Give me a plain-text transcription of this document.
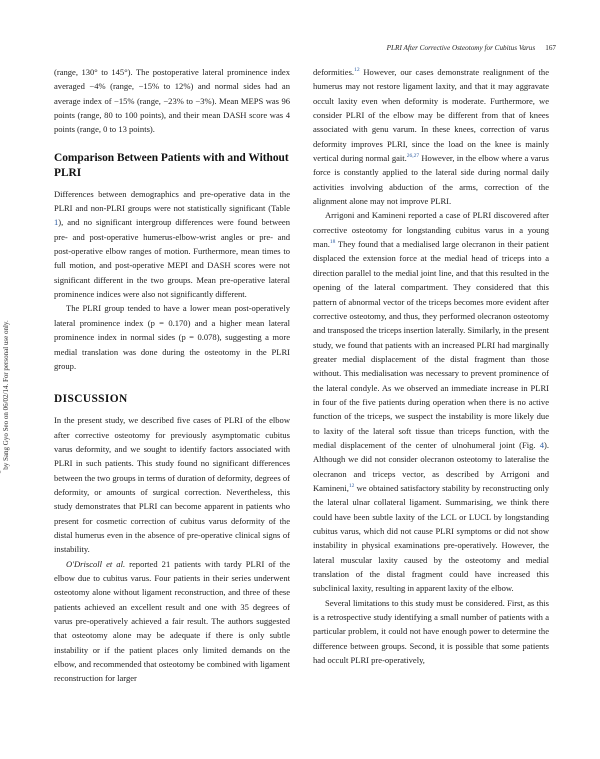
by Sang Gyo Seo on 06/02/14. For personal use only.
PLRI After Corrective Osteotomy for Cubitus Varus 167

(range, 130° to 145°). The postoperative lateral prominence index averaged −4% (range, −15% to 12%) and normal sides had an average index of −15% (range, −23% to −3%). Mean MEPS was 96 points (range, 80 to 100 points), and their mean DASH score was 4 points (range, 0 to 13 points).

Comparison Between Patients with and Without PLRI

Differences between demographics and pre-operative data in the PLRI and non-PLRI groups were not statistically significant (Table 1), and no significant intergroup differences were found between pre- and post-operative humerus-elbow-wrist angles or pre- and post-operative elbow ranges of motion. Furthermore, mean times to full motion, and post-operative MEPI and DASH scores were not significant different in the two groups. Mean pre-operative lateral prominence indices were also not significantly different.

The PLRI group tended to have a lower mean post-operatively lateral prominence index (p = 0.170) and a higher mean lateral prominence index in normal sides (p = 0.078), suggesting a more medial translation was done during the osteotomy in the PLRI group.

DISCUSSION

In the present study, we described five cases of PLRI of the elbow after corrective osteotomy for previously asymptomatic cubitus varus deformity, and we sought to identify factors associated with PLRI in such patients. This study found no significant differences between the two groups in terms of duration of deformity, degrees of deformity, or amounts of surgical correction. Nevertheless, this study demonstrates that PLRI can become apparent in patients who present for cosmetic correction of cubitus varus deformity of the distal humerus even in the absence of pre-operative clinical signs of instability.

O'Driscoll et al. reported 21 patients with tardy PLRI of the elbow due to cubitus varus. Four patients in their series underwent osteotomy alone without ligament reconstruction, and three of these patients achieved an excellent result and one with 35 degrees of varus pre-operatively achieved a fair result. The authors suggested that osteotomy alone may be adequate if there is only subtle instability or if the patient places only limited demands on the elbow, and recommended that osteotomy be combined with ligament reconstruction for larger

deformities.$^{12}$ However, our cases demonstrate realignment of the humerus may not restore ligament laxity, and that it may aggravate occult laxity even when deformity is moderate. Furthermore, we consider PLRI of the elbow may be different from that of knees associated with genu varum. In these knees, correction of varus deformity improves PLRI, since the load on the knee is mainly vertical during normal gait.$^{26,27}$ However, in the elbow where a varus force is constantly applied to the lateral side during normal daily activities involving abduction of the arms, correction of the alignment alone may not improve PLRI.

Arrigoni and Kamineni reported a case of PLRI discovered after corrective osteotomy for longstanding cubitus varus in a young man.$^{18}$ They found that a medialised large olecranon in their patient displaced the extension force at the medial head of triceps into a direction parallel to the medial joint line, and that this resulted in the opening of the lateral compartment. They considered that this pattern of abnormal vector of the triceps becomes more evident after corrective osteotomy, and thus, they performed olecranon osteotomy and transposed the triceps insertion laterally. Similarly, in the present study, we found that patients with an increased PLRI had marginally greater medial displacement of the distal fragment than those without. This medialisation was necessary to prevent prominence of the lateral condyle. As we observed an immediate increase in PLRI in four of the five patients during operation when there is no active function of the triceps, we suspect the instability is more likely due to laxity of the lateral soft tissue than triceps function, with the medial displacement of the center of ulnohumeral joint (Fig. 4). Although we did not consider olecranon osteotomy to lateralise the olecranon and triceps vector, as described by Arrigoni and Kamineni,$^{12}$ we obtained satisfactory stability by reconstructing only the lateral ulnar collateral ligament. Summarising, we think there could have been subtle laxity of the LCL or LUCL by longstanding cubitus varus, which did not cause PLRI symptoms or did not show instability in physical examinations pre-operatively. However, the lateral muscular laxity caused by the osteotomy and medial translation of the distal fragment could have increased this subclinical laxity, resulting in apparent laxity of the elbow.

Several limitations to this study must be considered. First, as this is a retrospective study identifying a small number of patients with a particular problem, it could not have enough power to determine the difference between groups. Second, it is possible that some patients had occult PLRI pre-operatively,
